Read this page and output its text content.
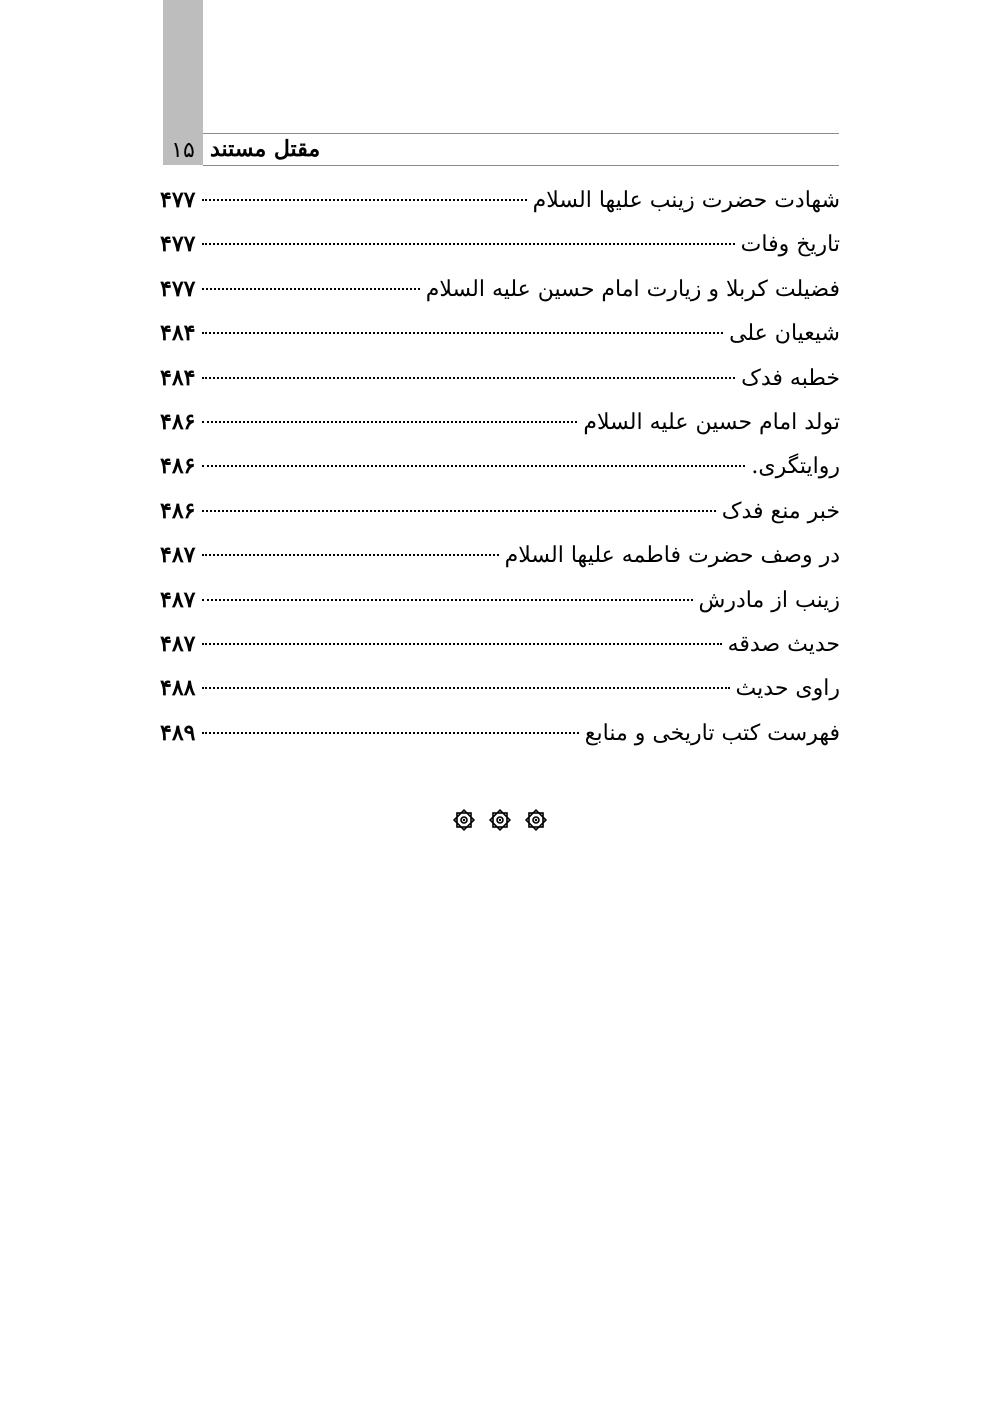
۱۵ مقتل مستند
شهادت حضرت زینب علیها السلام
۴۷۷
تاریخ وفات
۴۷۷
فضیلت کربلا و زیارت امام حسین علیه السلام
۴۷۷
شیعیان علی
۴۸۴
خطبه فدک
۴۸۴
تولد امام حسین علیه السلام
۴۸۶
روایتگری.
۴۸۶
خبر منع فدک
۴۸۶
در وصف حضرت فاطمه علیها السلام
۴۸۷
زینب از مادرش
۴۸۷
حدیث صدقه
۴۸۷
راوی حدیث
۴۸۸
فهرست کتب تاریخی و منابع
۴۸۹
